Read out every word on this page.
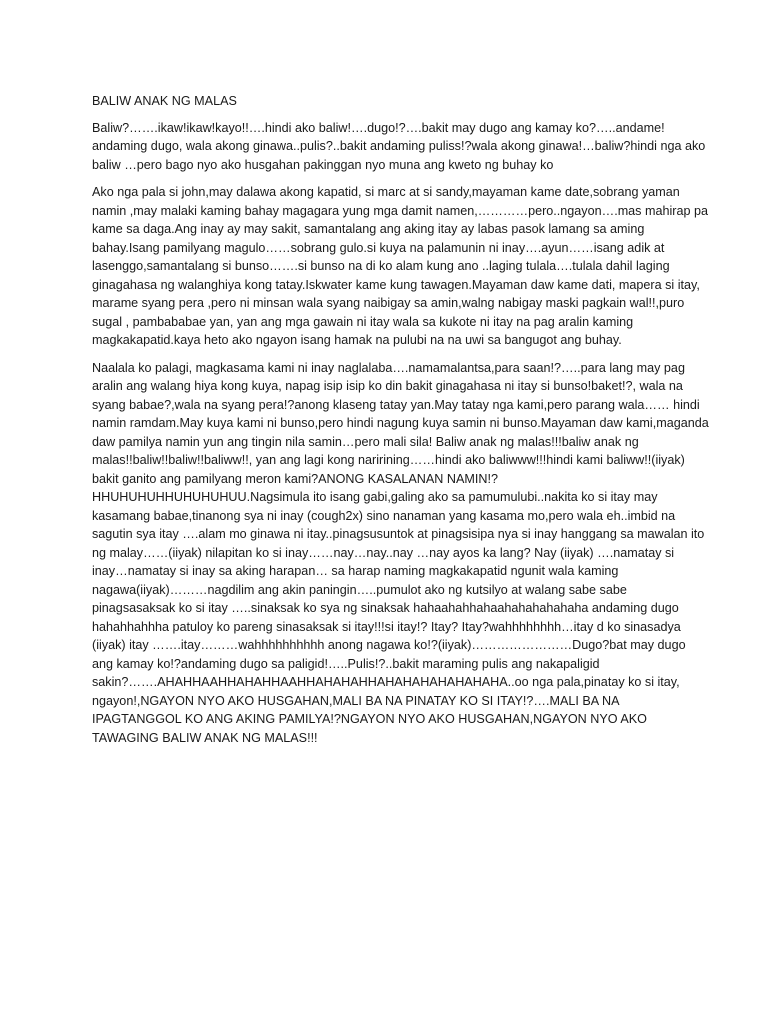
BALIW ANAK NG MALAS

Baliw?…….ikaw!ikaw!kayo!!….hindi ako baliw!….dugo!?….bakit may dugo ang kamay ko?…..andame! andaming dugo, wala akong ginawa..pulis?..bakit andaming puliss!?wala akong ginawa!…baliw?hindi nga ako baliw …pero bago nyo ako husgahan pakinggan nyo muna ang kweto ng buhay ko

Ako nga pala si john,may dalawa akong kapatid, si marc at si sandy,mayaman kame date,sobrang yaman namin ,may malaki kaming bahay magagara yung mga damit namen,…………pero..ngayon….mas mahirap pa kame sa daga.Ang inay ay may sakit, samantalang ang aking itay ay labas pasok lamang sa aming bahay.Isang pamilyang magulo……sobrang gulo.si kuya na palamunin ni inay….ayun……isang adik at lasenggo,samantalang si bunso…….si bunso na di ko alam kung ano ..laging tulala….tulala dahil laging ginagahasa ng walanghiya kong tatay.Iskwater kame kung tawagen.Mayaman daw kame dati, mapera si itay, marame syang pera ,pero ni minsan wala syang naibigay sa amin,walng nabigay maski pagkain wal!!,puro sugal , pambababae yan, yan ang mga gawain ni itay wala sa kukote ni itay na pag aralin kaming magkakapatid.kaya heto ako ngayon isang hamak na pulubi na na uwi sa bangugot ang buhay.

Naalala ko palagi, magkasama kami ni inay naglalaba….namamalantsa,para saan!?…..para lang may pag aralin ang walang hiya kong kuya, napag isip isip ko din bakit ginagahasa ni itay si bunso!baket!?, wala na syang babae?,wala na syang pera!?anong klaseng tatay yan.May tatay nga kami,pero parang wala…… hindi namin ramdam.May kuya kami ni bunso,pero hindi nagung kuya samin ni bunso.Mayaman daw kami,maganda daw pamilya namin yun ang tingin nila samin…pero mali sila! Baliw anak ng malas!!!baliw anak ng malas!!baliw!!baliw!!baliww!!, yan ang lagi kong naririning……hindi ako baliwww!!!hindi kami baliww!!(iiyak) bakit ganito ang pamilyang meron kami?ANONG KASALANAN NAMIN!? HHUHUHUHHUHUHUHUU.Nagsimula ito isang gabi,galing ako sa pamumulubi..nakita ko si itay may kasamang babae,tinanong sya ni inay (cough2x) sino nanaman yang kasama mo,pero wala eh..imbid na sagutin sya itay ….alam mo ginawa ni itay..pinagsusuntok at pinagsisipa nya si inay hanggang sa mawalan ito ng malay……(iiyak) nilapitan ko si inay……nay…nay..nay …nay ayos ka lang? Nay (iiyak) ….namatay si inay…namatay si inay sa aking harapan… sa harap naming magkakapatid ngunit wala kaming nagawa(iiyak)………nagdilim ang akin paningin…..pumulot ako ng kutsilyo at walang sabe sabe pinagsasaksak ko si itay …..sinaksak ko sya ng sinaksak hahaahahhahaahahahahahaha andaming dugo hahahhahhha patuloy ko pareng sinasaksak si itay!!!si itay!? Itay? Itay?wahhhhhhhh…itay d ko sinasadya (iiyak) itay …….itay………wahhhhhhhhhh anong nagawa ko!?(iiyak)……………………Dugo?bat may dugo ang kamay ko!?andaming dugo sa paligid!…..Pulis!?..bakit maraming pulis ang nakapaligid sakin?…….AHAHHAAHHAHAHHAAHHAHAHAHHAHAHAHAHAHAHAHA..oo nga pala,pinatay ko si itay, ngayon!,NGAYON NYO AKO HUSGAHAN,MALI BA NA PINATAY KO SI ITAY!?….MALI BA NA IPAGTANGGOL KO ANG AKING PAMILYA!?NGAYON NYO AKO HUSGAHAN,NGAYON NYO AKO TAWAGING BALIW ANAK NG MALAS!!!
